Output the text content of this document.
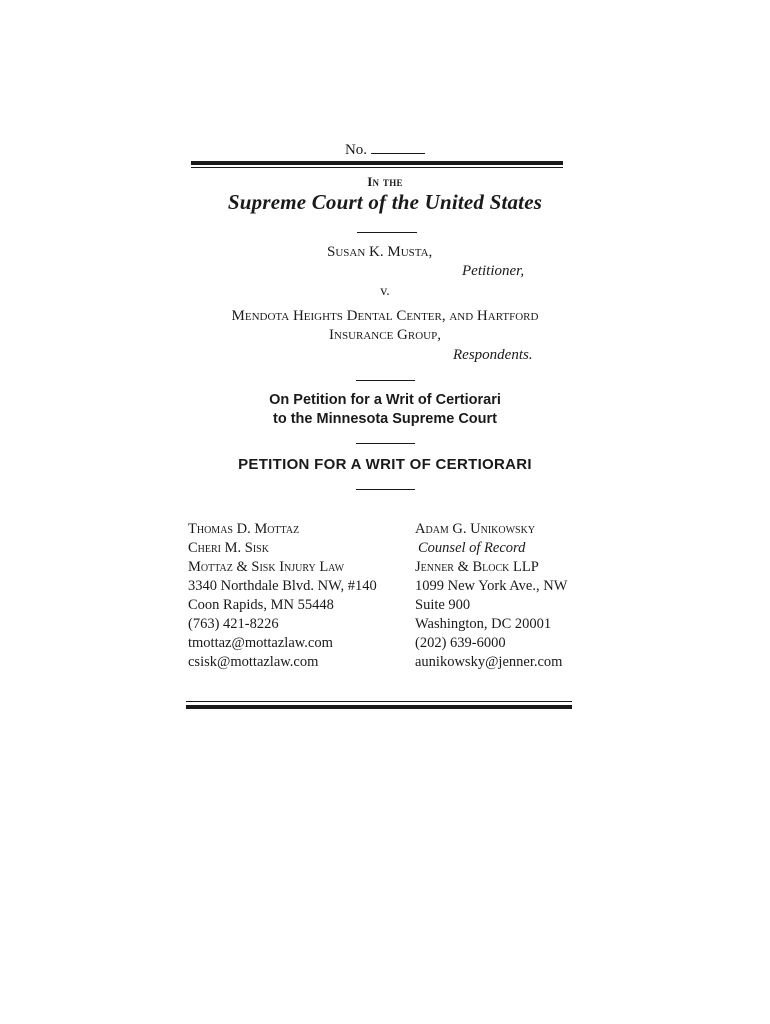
No.
In the
Supreme Court of the United States
Susan K. Musta,
Petitioner,
v.
Mendota Heights Dental Center, and Hartford
Insurance Group,
Respondents.
On Petition for a Writ of Certiorari
to the Minnesota Supreme Court
PETITION FOR A WRIT OF CERTIORARI
Thomas D. Mottaz
Cheri M. Sisk
Mottaz & Sisk Injury Law
3340 Northdale Blvd. NW, #140
Coon Rapids, MN 55448
(763) 421-8226
tmottaz@mottazlaw.com
csisk@mottazlaw.com
Adam G. Unikowsky
Counsel of Record
Jenner & Block LLP
1099 New York Ave., NW
Suite 900
Washington, DC 20001
(202) 639-6000
aunikowsky@jenner.com
